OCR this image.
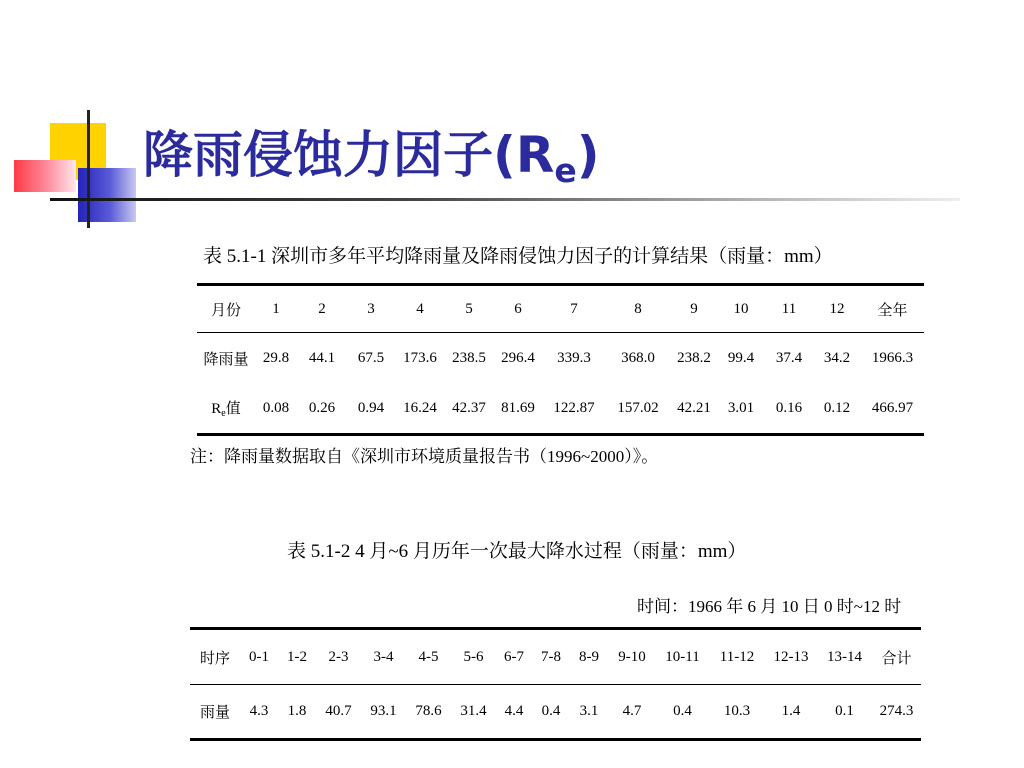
降雨侵蚀力因子$(R_e)$
表 5.1-1 深圳市多年平均降雨量及降雨侵蚀力因子的计算结果（雨量：mm）
月份	1	2	3	4	5	6	7	8	9	10	11	12	全年
降雨量	29.8	44.1	67.5	173.6	238.5	296.4	339.3	368.0	238.2	99.4	37.4	34.2	1966.3
$R_e$值	0.08	0.26	0.94	16.24	42.37	81.69	122.87	157.02	42.21	3.01	0.16	0.12	466.97
注：降雨量数据取自《深圳市环境质量报告书（1996~2000）》。
表 5.1-2 4 月~6 月历年一次最大降水过程（雨量：mm）
时间：1966 年 6 月 10 日 0 时~12 时
时序	0-1	1-2	2-3	3-4	4-5	5-6	6-7	7-8	8-9	9-10	10-11	11-12	12-13	13-14	合计
雨量	4.3	1.8	40.7	93.1	78.6	31.4	4.4	0.4	3.1	4.7	0.4	10.3	1.4	0.1	274.3
